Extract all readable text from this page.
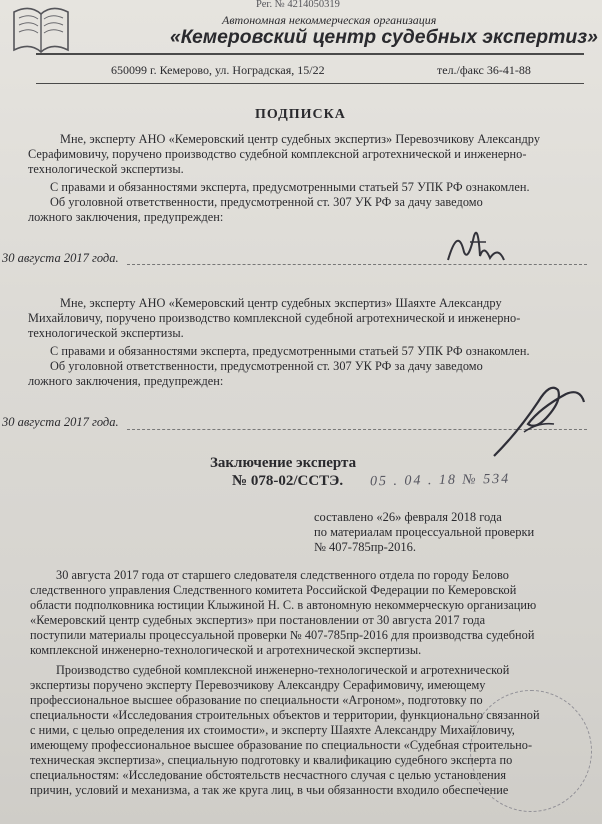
Рег. № 4214050319
Автономная некоммерческая организация
«Кемеровский центр судебных экспертиз»
650099 г. Кемерово, ул. Ноградская, 15/22	тел./факс 36-41-88
ПОДПИСКА
Мне, эксперту АНО «Кемеровский центр судебных экспертиз» Перевозчикову Александру
Серафимовичу, поручено производство судебной комплексной агротехнической и инженерно-
технологической экспертизы.
С правами и обязанностями эксперта, предусмотренными статьей 57 УПК РФ ознакомлен.
Об уголовной ответственности, предусмотренной ст. 307 УК РФ за дачу заведомо
ложного заключения, предупрежден:
30 августа 2017 года.
Мне, эксперту АНО «Кемеровский центр судебных экспертиз» Шаяхте Александру
Михайловичу, поручено производство комплексной судебной агротехнической и инженерно-
технологической экспертизы.
С правами и обязанностями эксперта, предусмотренными статьей 57 УПК РФ ознакомлен.
Об уголовной ответственности, предусмотренной ст. 307 УК РФ за дачу заведомо
ложного заключения, предупрежден:
30 августа 2017 года.
Заключение эксперта
№ 078-02/ССТЭ. 05 . 04 . 18 № 534
составлено «26» февраля 2018 года
по материалам процессуальной проверки
№ 407-785пр-2016.
30 августа 2017 года от старшего следователя следственного отдела по городу Белово
следственного управления Следственного комитета Российской Федерации по Кемеровской
области подполковника юстиции Клыжиной Н. С. в автономную некоммерческую организацию
«Кемеровский центр судебных экспертиз» при постановлении от 30 августа 2017 года
поступили материалы процессуальной проверки № 407-785пр-2016 для производства судебной
комплексной инженерно-технологической и агротехнической экспертизы.
Производство судебной комплексной инженерно-технологической и агротехнической
экспертизы поручено эксперту Перевозчикову Александру Серафимовичу, имеющему
профессиональное высшее образование по специальности «Агроном», подготовку по
специальности «Исследования строительных объектов и территории, функционально связанной
с ними, с целью определения их стоимости», и эксперту Шаяхте Александру Михайловичу,
имеющему профессиональное высшее образование по специальности «Судебная строительно-
техническая экспертиза», специальную подготовку и квалификацию судебного эксперта по
специальностям: «Исследование обстоятельств несчастного случая с целью установления
причин, условий и механизма, а так же круга лиц, в чьи обязанности входило обеспечение
